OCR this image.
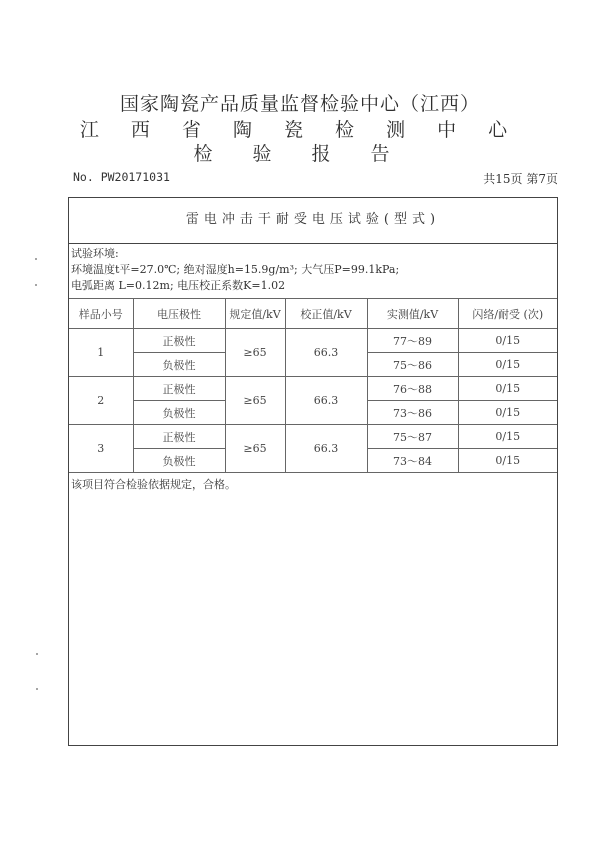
国家陶瓷产品质量监督检验中心（江西）
江 西 省 陶 瓷 检 测 中 心
检 验 报 告
No. PW20171031	共15页 第7页
雷电冲击干耐受电压试验(型式)
试验环境:
环境温度t平=27.0℃; 绝对湿度h=15.9g/m³; 大气压P=99.1kPa;
电弧距离 L=0.12m; 电压校正系数K=1.02
样品小号	电压极性	规定值/kV	校正值/kV	实测值/kV	闪络/耐受 (次)
1	正极性	≥65	66.3	77～89	0/15
	负极性			75～86	0/15
2	正极性	≥65	66.3	76～88	0/15
	负极性			73～86	0/15
3	正极性	≥65	66.3	75～87	0/15
	负极性			73～84	0/15
该项目符合检验依据规定，合格。
